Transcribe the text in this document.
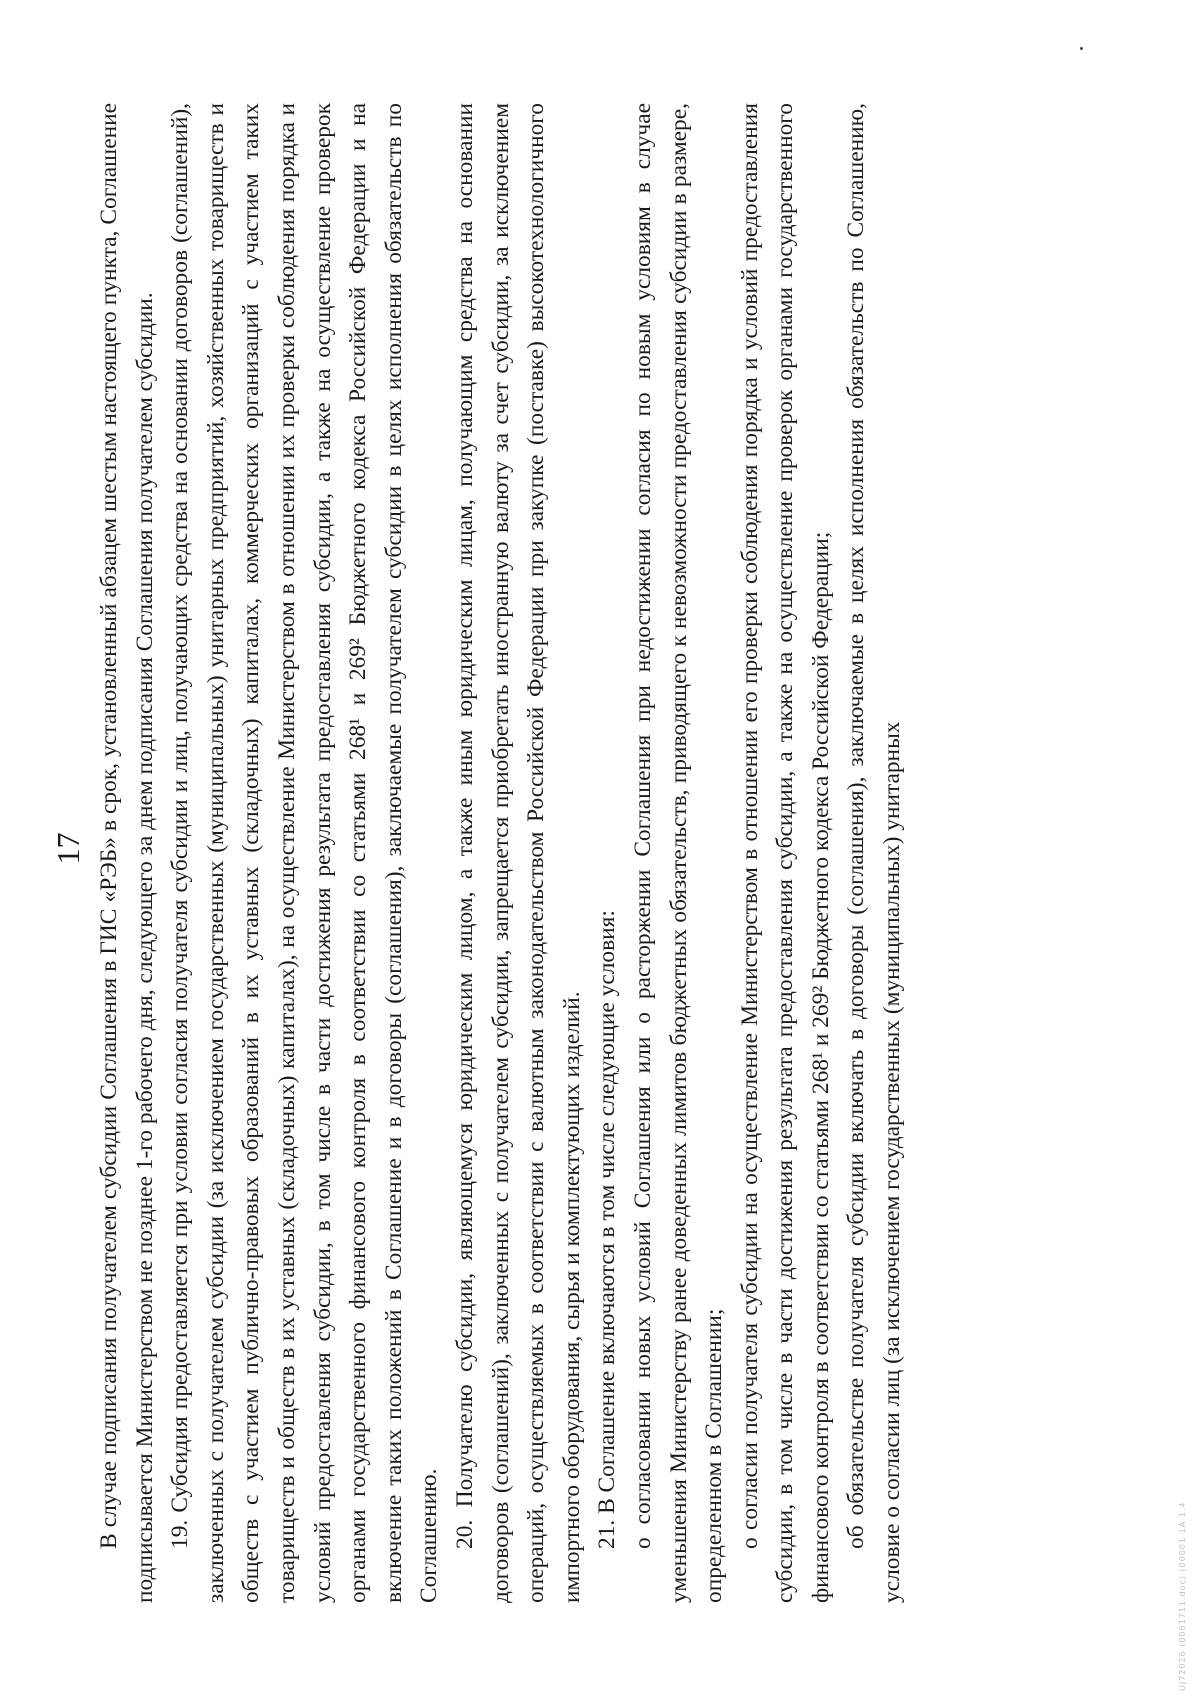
17 В случае подписания получателем субсидии Соглашения в ГИС «РЭБ» в срок, установленный абзацем шестым настоящего пункта, Соглашение подписывается Министерством не позднее 1-го рабочего дня, следующего за днем подписания Соглашения получателем субсидии. 19. Субсидия предоставляется при условии согласия получателя субсидии и лиц, получающих средства на основании договоров (соглашений), заключенных с получателем субсидии (за исключением государственных (муниципальных) унитарных предприятий, хозяйственных товариществ и обществ с участием публично-правовых образований в их уставных (складочных) капиталах, коммерческих организаций с участием таких товариществ и обществ в их уставных (складочных) капиталах), на осуществление Министерством в отношении их проверки соблюдения порядка и условий предоставления субсидии, в том числе в части достижения результата предоставления субсидии, а также на осуществление проверок органами государственного финансового контроля в соответствии со статьями 268¹ и 269² Бюджетного кодекса Российской Федерации и на включение таких положений в Соглашение и в договоры (соглашения), заключаемые получателем субсидии в целях исполнения обязательств по Соглашению. 20. Получателю субсидии, являющемуся юридическим лицом, а также иным юридическим лицам, получающим средства на основании договоров (соглашений), заключенных с получателем субсидии, запрещается приобретать иностранную валюту за счет субсидии, за исключением операций, осуществляемых в соответствии с валютным законодательством Российской Федерации при закупке (поставке) высокотехнологичного импортного оборудования, сырья и комплектующих изделий. 21. В Соглашение включаются в том числе следующие условия: о согласовании новых условий Соглашения или о расторжении Соглашения при недостижении согласия по новым условиям в случае уменьшения Министерству ранее доведенных лимитов бюджетных обязательств, приводящего к невозможности предоставления субсидии в размере, определенном в Соглашении; о согласии получателя субсидии на осуществление Министерством в отношении его проверки соблюдения порядка и условий предоставления субсидии, в том числе в части достижения результата предоставления субсидии, а также на осуществление проверок органами государственного финансового контроля в соответствии со статьями 268¹ и 269² Бюджетного кодекса Российской Федерации; об обязательстве получателя субсидии включать в договоры (соглашения), заключаемые в целях исполнения обязательств по Соглашению, условие о согласии лиц (за исключением государственных (муниципальных) унитарных	UJ72026 (0061711.doc) (00001 1A 1.4
